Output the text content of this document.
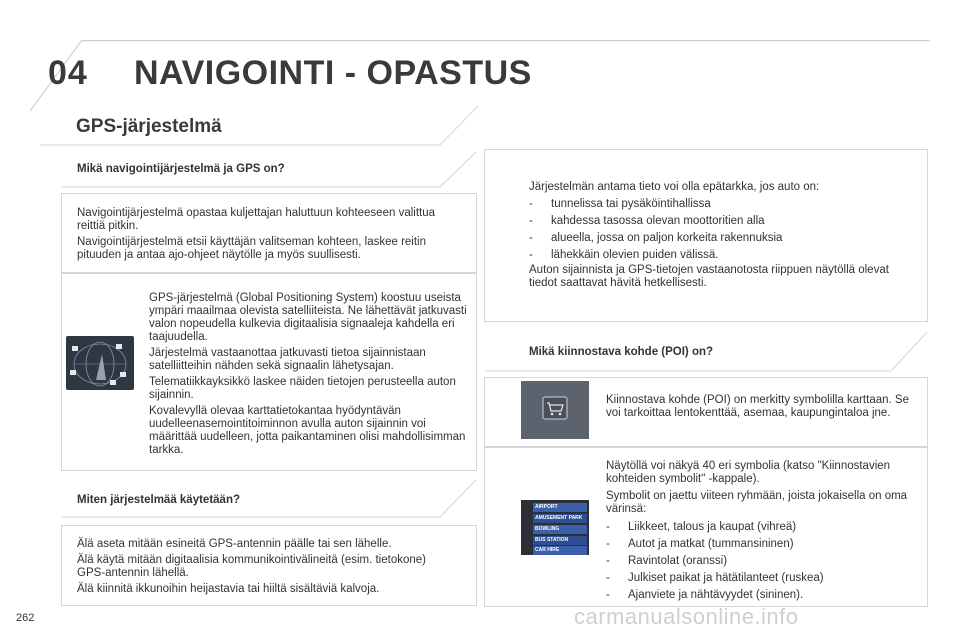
04 NAVIGOINTI - OPASTUS
GPS-järjestelmä
Mikä navigointijärjestelmä ja GPS on?

Navigointijärjestelmä opastaa kuljettajan haluttuun kohteeseen valittua reittiä pitkin.

Navigointijärjestelmä etsii käyttäjän valitseman kohteen, laskee reitin pituuden ja antaa ajo-ohjeet näytölle ja myös suullisesti.

GPS-järjestelmä (Global Positioning System) koostuu useista ympäri maailmaa olevista satelliiteista. Ne lähettävät jatkuvasti valon nopeudella kulkevia digitaalisia signaaleja kahdella eri taajuudella.

Järjestelmä vastaanottaa jatkuvasti tietoa sijainnistaan satelliitteihin nähden sekä signaalin lähetysajan.

Telematiikkayksikkö laskee näiden tietojen perusteella auton sijainnin.

Kovalevyllä olevaa karttatietokantaa hyödyntävän uudelleenasemointitoiminnon avulla auton sijainnin voi määrittää uudelleen, jotta paikantaminen olisi mahdollisimman tarkka.

Miten järjestelmää käytetään?

Älä aseta mitään esineitä GPS-antennin päälle tai sen lähelle.

Älä käytä mitään digitaalisia kommunikointivälineitä (esim. tietokone) GPS-antennin lähellä.

Älä kiinnitä ikkunoihin heijastavia tai hiiltä sisältäviä kalvoja.

Järjestelmän antama tieto voi olla epätarkka, jos auto on:

-	tunnelissa tai pysäköintihallissa
-	kahdessa tasossa olevan moottoritien alla
-	alueella, jossa on paljon korkeita rakennuksia
-	lähekkäin olevien puiden välissä.

Auton sijainnista ja GPS-tietojen vastaanotosta riippuen näytöllä olevat tiedot saattavat hävitä hetkellisesti.

Mikä kiinnostava kohde (POI) on?
Kiinnostava kohde (POI) on merkitty symbolilla karttaan. Se voi tarkoittaa lentokenttää, asemaa, kaupungintaloa jne.
AIRPORT
AMUSEMENT PARK
BOWLING
BUS STATION
CAR HIRE

Näytöllä voi näkyä 40 eri symbolia (katso "Kiinnostavien kohteiden symbolit" -kappale).

Symbolit on jaettu viiteen ryhmään, joista jokaisella on oma värinsä:

-	Liikkeet, talous ja kaupat (vihreä)
-	Autot ja matkat (tummansininen)
-	Ravintolat (oranssi)
-	Julkiset paikat ja hätätilanteet (ruskea)
-	Ajanviete ja nähtävyydet (sininen).
262	carmanualsonline.info
